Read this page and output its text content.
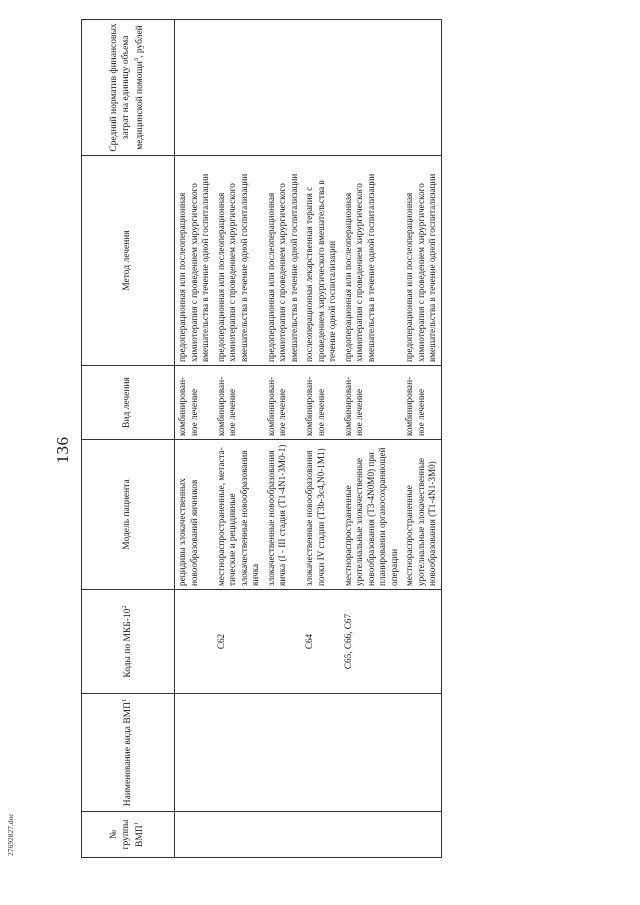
136
№ группы ВМП$^1$	Наименование вида ВМП$^1$	Коды по МКБ-$10^2$	Модель пациента	Вид лечения	Метод лечения	Средний норматив финансовых затрат на единицу объема медицинской помощи$^3$, рублей
			рецидивы злокачественных новообразований яичников	комбинирован-ное лечение	предоперационная или послеоперационная химиотерапия с проведением хирургического вмешательства в течение одной госпитализации	
		C62	местнораспространенные, метаста-тические и рецидивные злокачественные новообразования яичка	комбинирован-ное лечение	предоперационная или послеоперационная химиотерапия с проведением хирургического вмешательства в течение одной госпитализации	
			злокачественные новообразования яичка (I - III стадия (T1-4N1-3M0-1)	комбинирован-ное лечение	предоперационная или послеоперационная химиотерапия с проведением хирургического вмешательства в течение одной госпитализации	
		C64	злокачественные новообразования почки IV стадии (T3b-3c4,N0-1M1)	комбинирован-ное лечение	послеоперационная лекарственная терапия с проведением хирургического вмешательства в течение одной госпитализации	
		C65, C66, C67	местнораспространенные уротелиальные злокачественные новообразования (T3-4N0M0) при планировании органосохраняющей операции	комбинирован-ное лечение	предоперационная или послеоперационная химиотерапия с проведением хирургического вмешательства в течение одной госпитализации	
			местнораспространенные уротелиальные злокачественные новообразования (T1-4N1-3M0)	комбинирован-ное лечение	предоперационная или послеоперационная химиотерапия с проведением хирургического вмешательства в течение одной госпитализации	
27692827.doc
